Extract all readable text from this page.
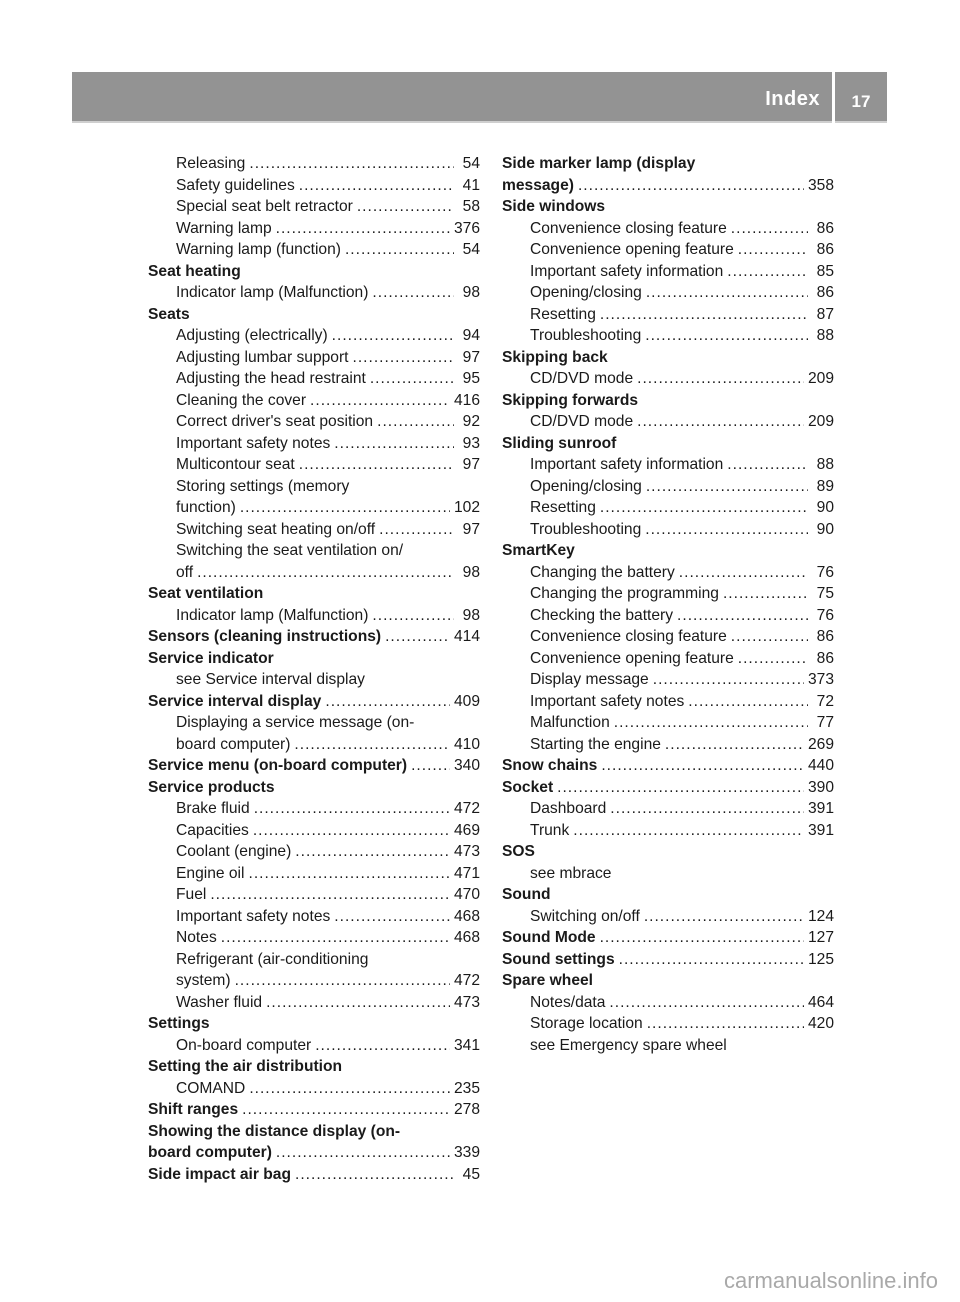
Index	17
Releasing .....	54
Safety guidelines .....	41
Special seat belt retractor .....	58
Warning lamp .....	376
Warning lamp (function) .....	54
Seat heating
Indicator lamp (Malfunction) .....	98
Seats
Adjusting (electrically) .....	94
Adjusting lumbar support .....	97
Adjusting the head restraint .....	95
Cleaning the cover .....	416
Correct driver's seat position .....	92
Important safety notes .....	93
Multicontour seat .....	97
Storing settings (memory
function) .....	102
Switching seat heating on/off .....	97
Switching the seat ventilation on/
off .....	98
Seat ventilation
Indicator lamp (Malfunction) .....	98
Sensors (cleaning instructions) .....	414
Service indicator
see Service interval display
Service interval display .....	409
Displaying a service message (on-
board computer) .....	410
Service menu (on-board computer) .....	340
Service products
Brake fluid .....	472
Capacities .....	469
Coolant (engine) .....	473
Engine oil .....	471
Fuel .....	470
Important safety notes .....	468
Notes .....	468
Refrigerant (air-conditioning
system) .....	472
Washer fluid .....	473
Settings
On-board computer .....	341
Setting the air distribution
COMAND .....	235
Shift ranges .....	278
Showing the distance display (on-
board computer) .....	339
Side impact air bag .....	45
Side marker lamp (display
message) .....	358
Side windows
Convenience closing feature .....	86
Convenience opening feature .....	86
Important safety information .....	85
Opening/closing .....	86
Resetting .....	87
Troubleshooting .....	88
Skipping back
CD/DVD mode .....	209
Skipping forwards
CD/DVD mode .....	209
Sliding sunroof
Important safety information .....	88
Opening/closing .....	89
Resetting .....	90
Troubleshooting .....	90
SmartKey
Changing the battery .....	76
Changing the programming .....	75
Checking the battery .....	76
Convenience closing feature .....	86
Convenience opening feature .....	86
Display message .....	373
Important safety notes .....	72
Malfunction .....	77
Starting the engine .....	269
Snow chains .....	440
Socket .....	390
Dashboard .....	391
Trunk .....	391
SOS
see mbrace
Sound
Switching on/off .....	124
Sound Mode .....	127
Sound settings .....	125
Spare wheel
Notes/data .....	464
Storage location .....	420
see Emergency spare wheel
carmanualsonline.info
